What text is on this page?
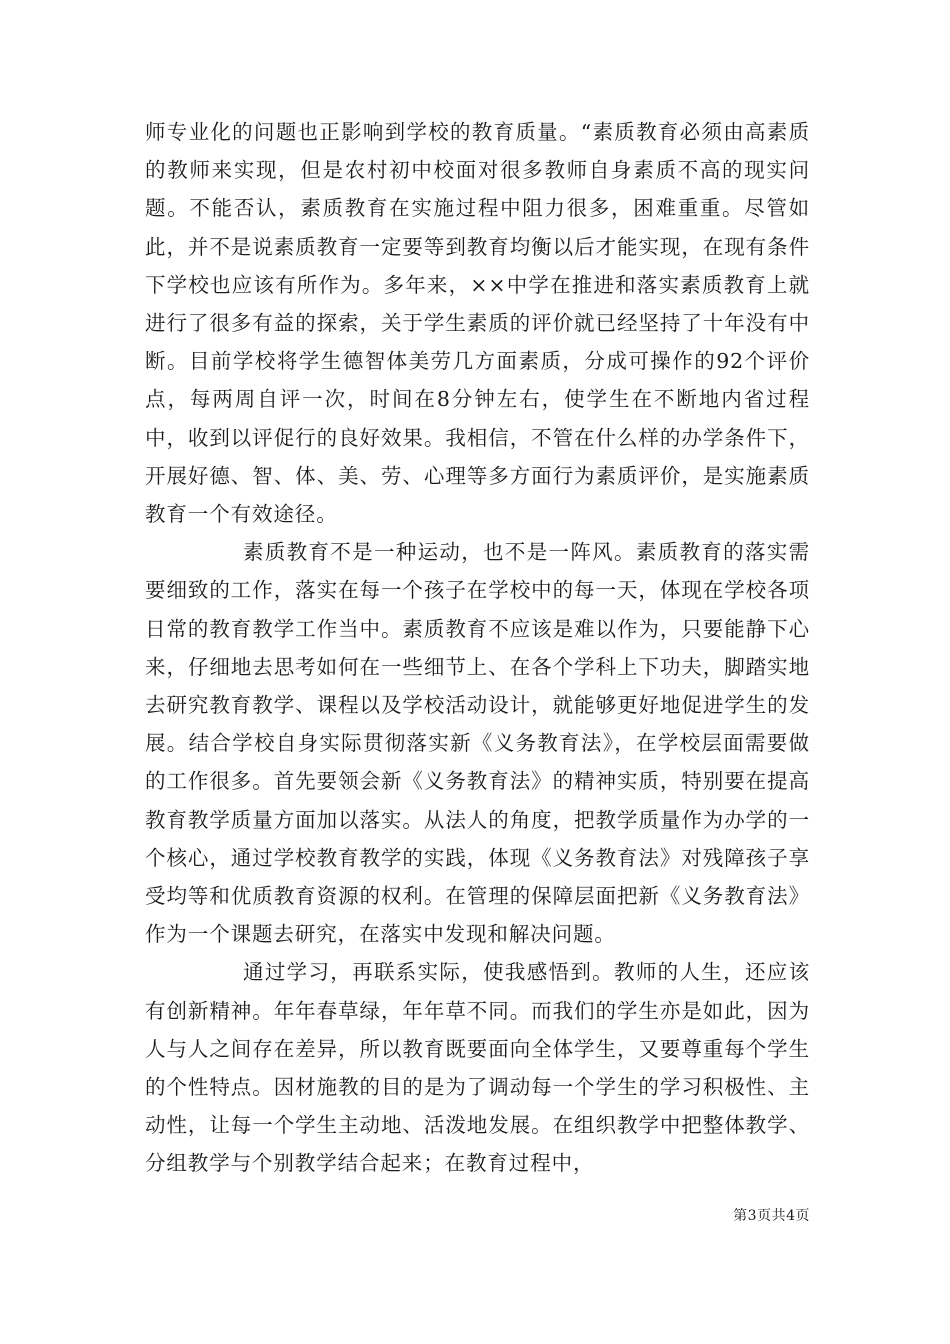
师专业化的问题也正影响到学校的教育质量。“素质教育必须由高素质的教师来实现，但是农村初中校面对很多教师自身素质不高的现实问题。不能否认，素质教育在实施过程中阻力很多，困难重重。尽管如此，并不是说素质教育一定要等到教育均衡以后才能实现，在现有条件下学校也应该有所作为。多年来，××中学在推进和落实素质教育上就进行了很多有益的探索，关于学生素质的评价就已经坚持了十年没有中断。目前学校将学生德智体美劳几方面素质，分成可操作的92个评价点，每两周自评一次，时间在8分钟左右，使学生在不断地内省过程中，收到以评促行的良好效果。我相信，不管在什么样的办学条件下，开展好德、智、体、美、劳、心理等多方面行为素质评价，是实施素质教育一个有效途径。

素质教育不是一种运动，也不是一阵风。素质教育的落实需要细致的工作，落实在每一个孩子在学校中的每一天，体现在学校各项日常的教育教学工作当中。素质教育不应该是难以作为，只要能静下心来，仔细地去思考如何在一些细节上、在各个学科上下功夫，脚踏实地去研究教育教学、课程以及学校活动设计，就能够更好地促进学生的发展。结合学校自身实际贯彻落实新《义务教育法》，在学校层面需要做的工作很多。首先要领会新《义务教育法》的精神实质，特别要在提高教育教学质量方面加以落实。从法人的角度，把教学质量作为办学的一个核心，通过学校教育教学的实践，体现《义务教育法》对残障孩子享受均等和优质教育资源的权利。在管理的保障层面把新《义务教育法》作为一个课题去研究，在落实中发现和解决问题。

通过学习，再联系实际，使我感悟到。教师的人生，还应该有创新精神。年年春草绿，年年草不同。而我们的学生亦是如此，因为人与人之间存在差异，所以教育既要面向全体学生，又要尊重每个学生的个性特点。因材施教的目的是为了调动每一个学生的学习积极性、主动性，让每一个学生主动地、活泼地发展。在组织教学中把整体教学、分组教学与个别教学结合起来；在教育过程中，

第3页共4页
